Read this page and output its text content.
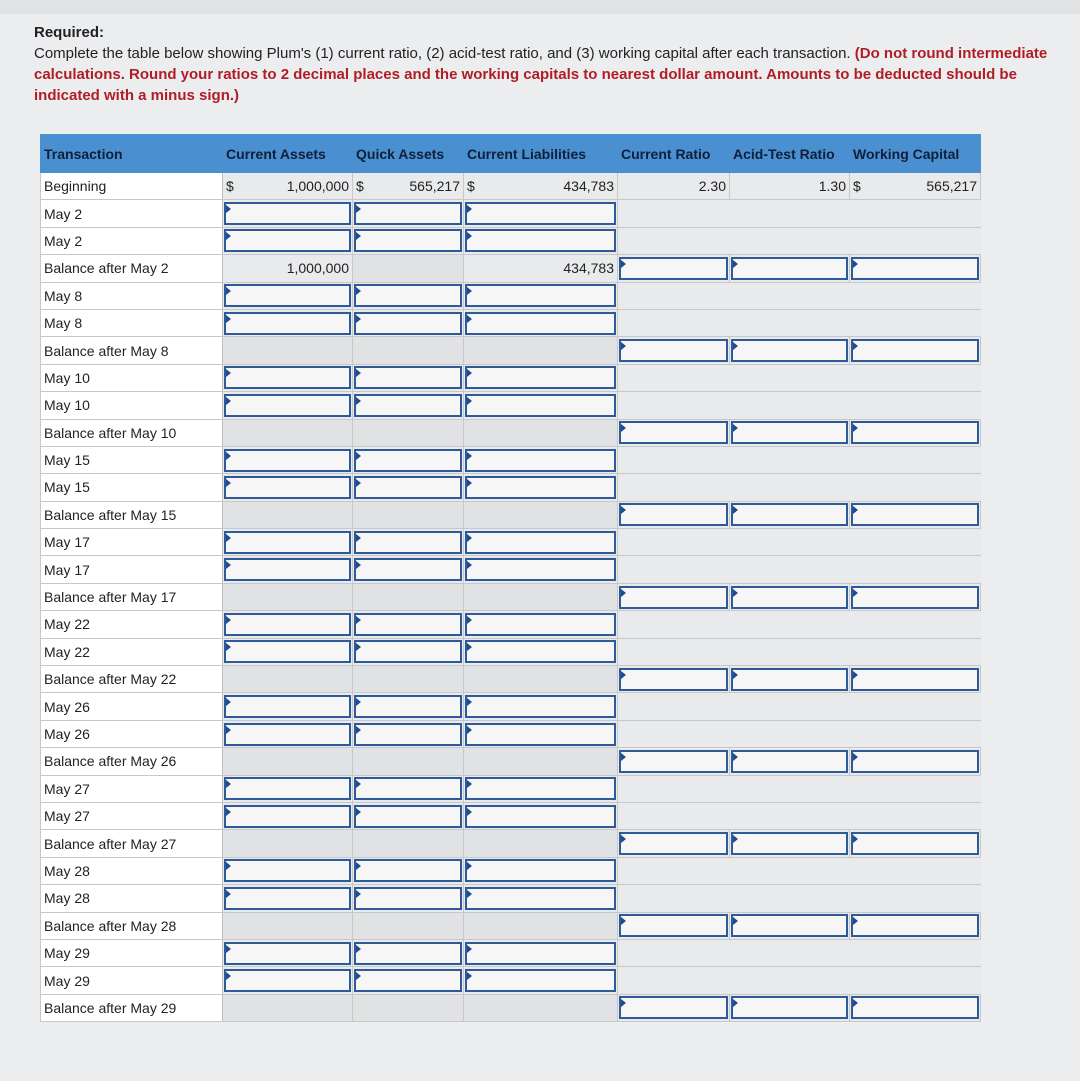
Required:
Complete the table below showing Plum's (1) current ratio, (2) acid-test ratio, and (3) working capital after each transaction. (Do not round intermediate calculations. Round your ratios to 2 decimal places and the working capitals to nearest dollar amount. Amounts to be deducted should be indicated with a minus sign.)
Transaction	Current Assets	Quick Assets	Current Liabilities	Current Ratio	Acid-Test Ratio	Working Capital
Beginning	$ 1,000,000	$ 565,217	$ 434,783	2.30	1.30	$ 565,217
May 2	

May 2	

Balance after May 2	1,000,000		434,783	

May 8	

May 8	

Balance after May 8				

May 10	

May 10	

Balance after May 10				

May 15	

May 15	

Balance after May 15				

May 17	

May 17	

Balance after May 17				

May 22	

May 22	

Balance after May 22				

May 26	

May 26	

Balance after May 26				

May 27	

May 27	

Balance after May 27				

May 28	

May 28	

Balance after May 28				

May 29	

May 29	

Balance after May 29				
